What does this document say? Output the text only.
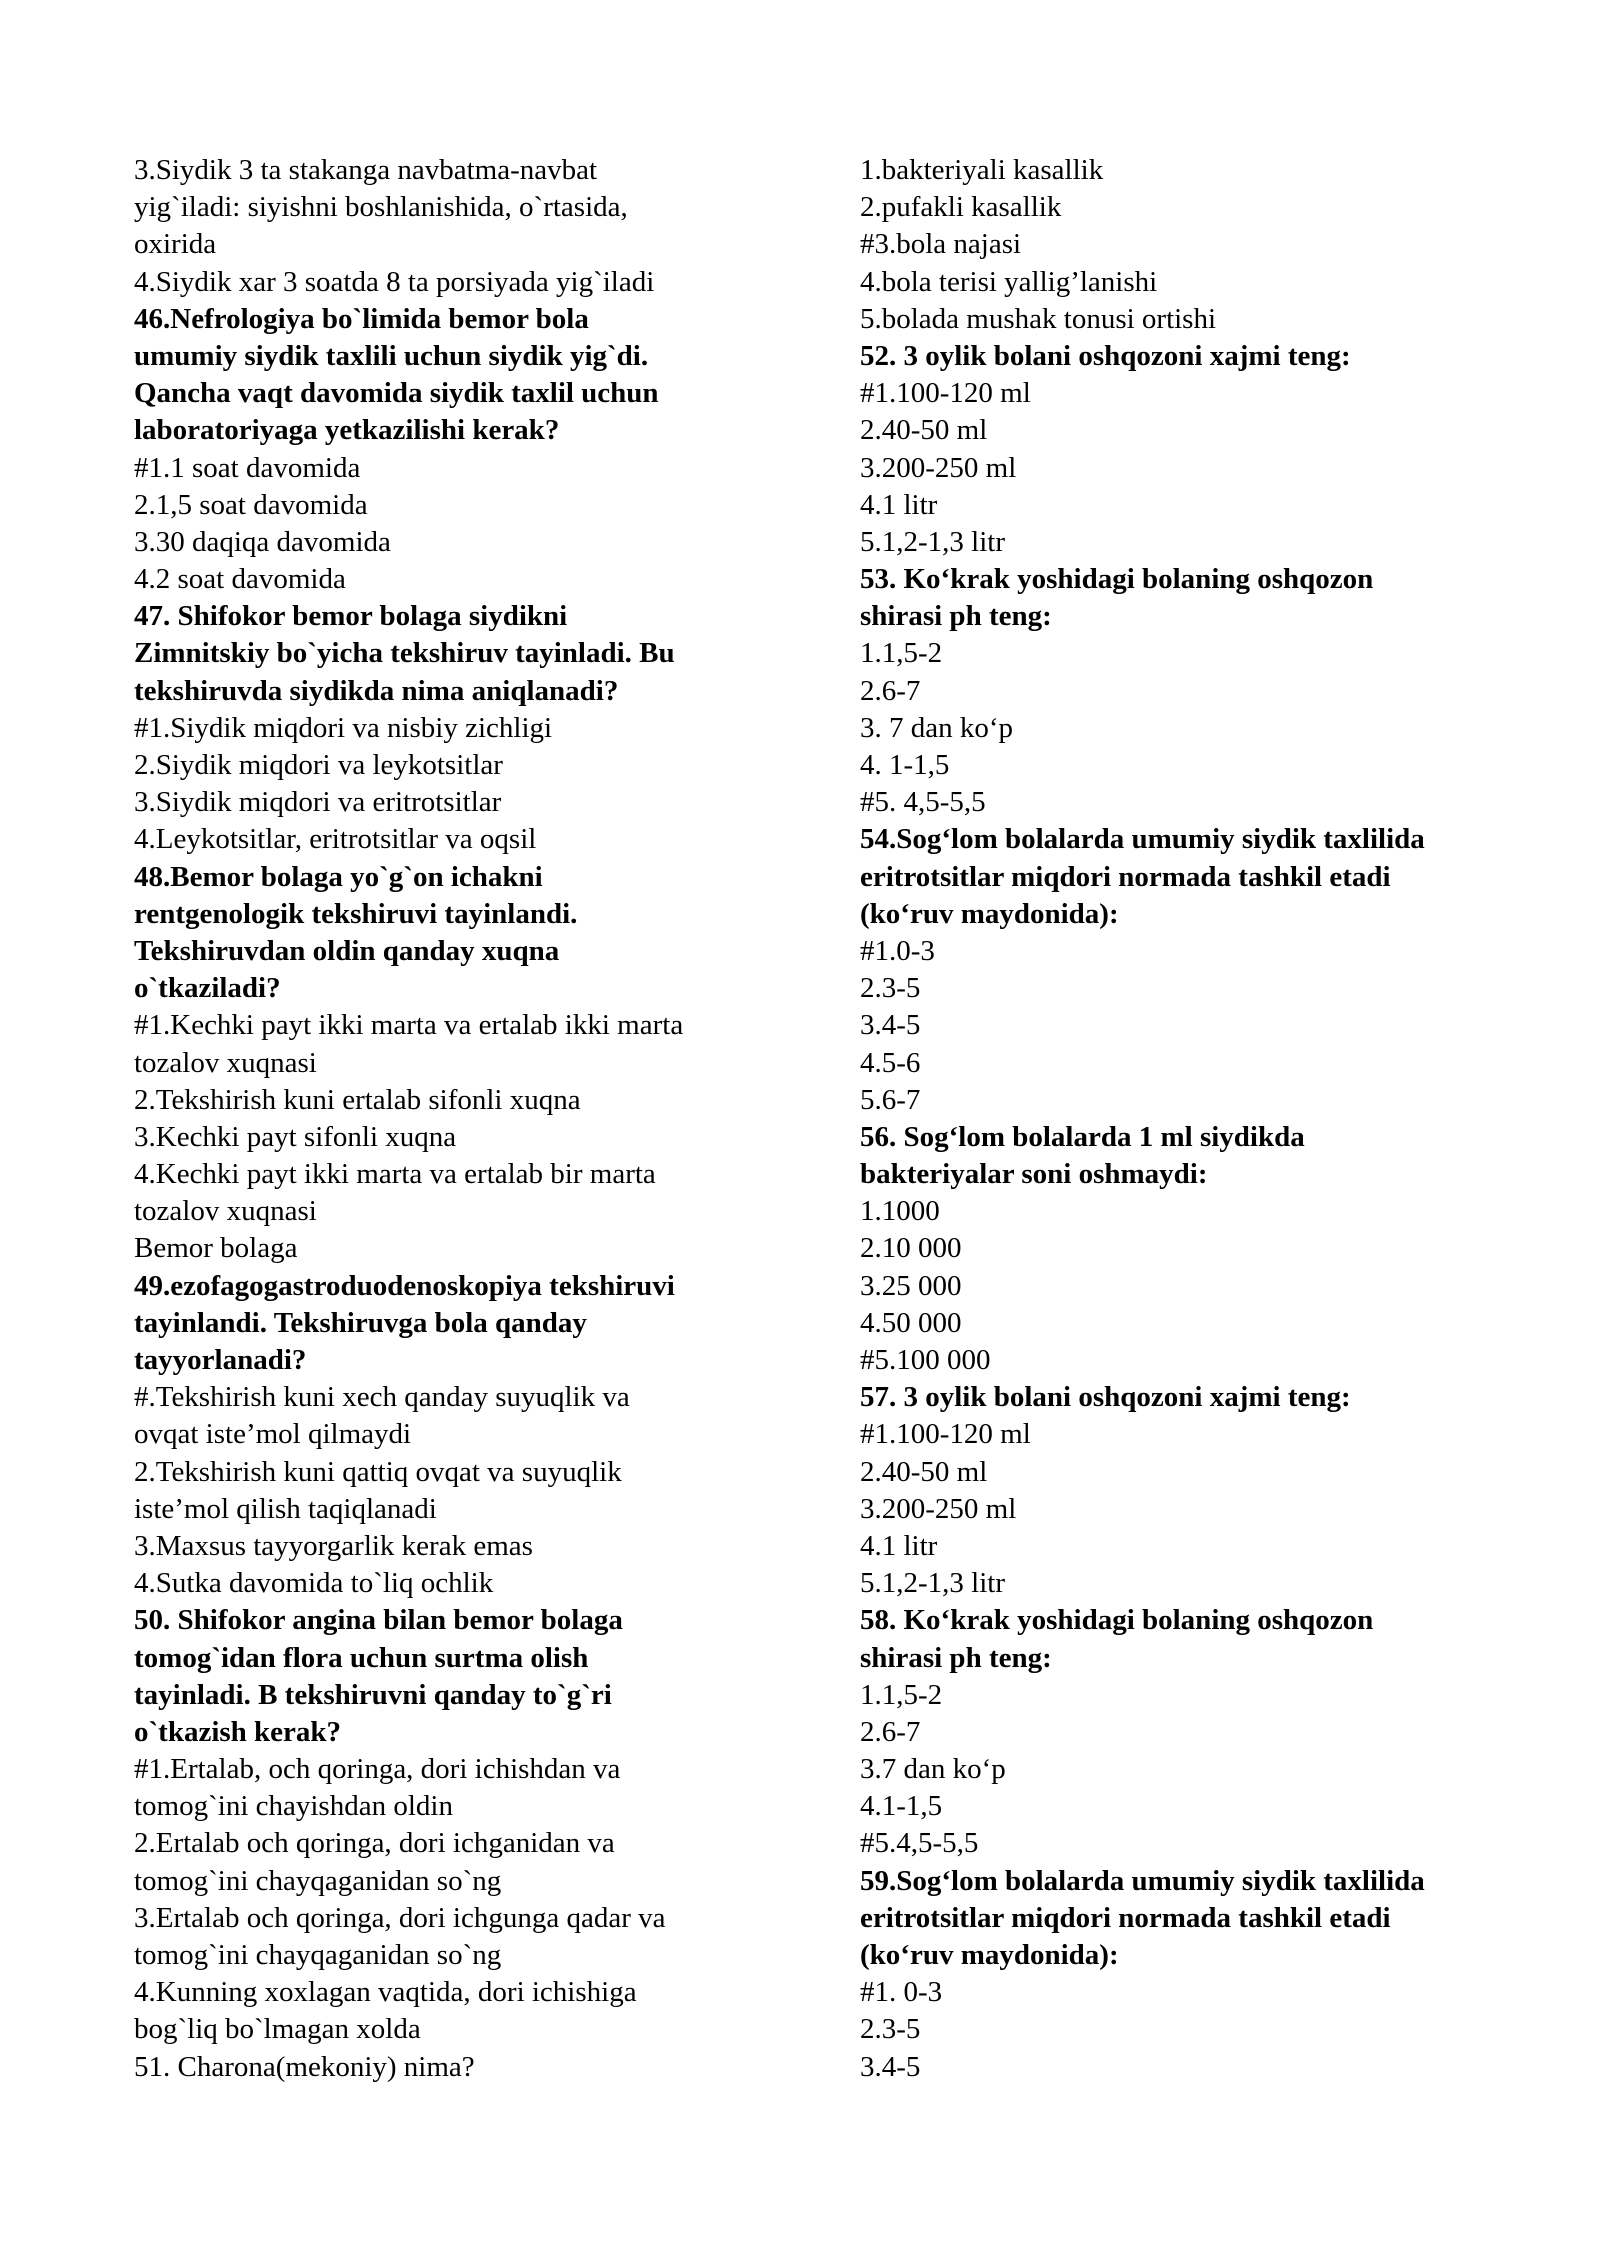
3.Siydik 3 ta stakanga navbatma-navbat
yig`iladi: siyishni boshlanishida, o`rtasida,
oxirida
4.Siydik xar 3 soatda 8 ta porsiyada yig`iladi
46.Nefrologiya bo`limida bemor bola
umumiy siydik taxlili uchun siydik yig`di.
Qancha vaqt davomida siydik taxlil uchun
laboratoriyaga yetkazilishi kerak?
#1.1 soat davomida
2.1,5 soat davomida
3.30 daqiqa davomida
4.2 soat davomida
47. Shifokor bemor bolaga siydikni
Zimnitskiy bo`yicha tekshiruv tayinladi. Bu
tekshiruvda siydikda nima aniqlanadi?
#1.Siydik miqdori va nisbiy zichligi
2.Siydik miqdori va leykotsitlar
3.Siydik miqdori va eritrotsitlar
4.Leykotsitlar, eritrotsitlar va oqsil
48.Bemor bolaga yo`g`on ichakni
rentgenologik tekshiruvi tayinlandi.
Tekshiruvdan oldin qanday xuqna
o`tkaziladi?
#1.Kechki payt ikki marta va ertalab ikki marta
tozalov xuqnasi
2.Tekshirish kuni ertalab sifonli xuqna
3.Kechki payt sifonli xuqna
4.Kechki payt ikki marta va ertalab bir marta
tozalov xuqnasi
Bemor bolaga
49.ezofagogastroduodenoskopiya tekshiruvi
tayinlandi. Tekshiruvga bola qanday
tayyorlanadi?
#.Tekshirish kuni xech qanday suyuqlik va
ovqat iste’mol qilmaydi
2.Tekshirish kuni qattiq ovqat va suyuqlik
iste’mol qilish taqiqlanadi
3.Maxsus tayyorgarlik kerak emas
4.Sutka davomida to`liq ochlik
50. Shifokor angina bilan bemor bolaga
tomog`idan flora uchun surtma olish
tayinladi. B tekshiruvni qanday to`g`ri
o`tkazish kerak?
#1.Ertalab, och qoringa, dori ichishdan va
tomog`ini chayishdan oldin
2.Ertalab och qoringa, dori ichganidan va
tomog`ini chayqaganidan so`ng
3.Ertalab och qoringa, dori ichgunga qadar va
tomog`ini chayqaganidan so`ng
4.Kunning xoxlagan vaqtida, dori ichishiga
bog`liq bo`lmagan xolda
51. Charona(mekoniy) nima?
1.bakteriyali kasallik
2.pufakli kasallik
#3.bola najasi
4.bola terisi yallig’lanishi
5.bolada mushak tonusi ortishi
52. 3 oylik bolani oshqozoni xajmi teng:
#1.100-120 ml
2.40-50 ml
3.200-250 ml
4.1 litr
5.1,2-1,3 litr
53. Ko‘krak yoshidagi bolaning oshqozon
shirasi ph teng:
1.1,5-2
2.6-7
3. 7 dan ko‘p
4. 1-1,5
#5. 4,5-5,5
54.Sog‘lom bolalarda umumiy siydik taxlilida
eritrotsitlar miqdori normada tashkil etadi
(ko‘ruv maydonida):
#1.0-3
2.3-5
3.4-5
4.5-6
5.6-7
56. Sog‘lom bolalarda 1 ml siydikda
bakteriyalar soni oshmaydi:
1.1000
2.10 000
3.25 000
4.50 000
#5.100 000
57. 3 oylik bolani oshqozoni xajmi teng:
#1.100-120 ml
2.40-50 ml
3.200-250 ml
4.1 litr
5.1,2-1,3 litr
58. Ko‘krak yoshidagi bolaning oshqozon
shirasi ph teng:
1.1,5-2
2.6-7
3.7 dan ko‘p
4.1-1,5
#5.4,5-5,5
59.Sog‘lom bolalarda umumiy siydik taxlilida
eritrotsitlar miqdori normada tashkil etadi
(ko‘ruv maydonida):
#1. 0-3
2.3-5
3.4-5
